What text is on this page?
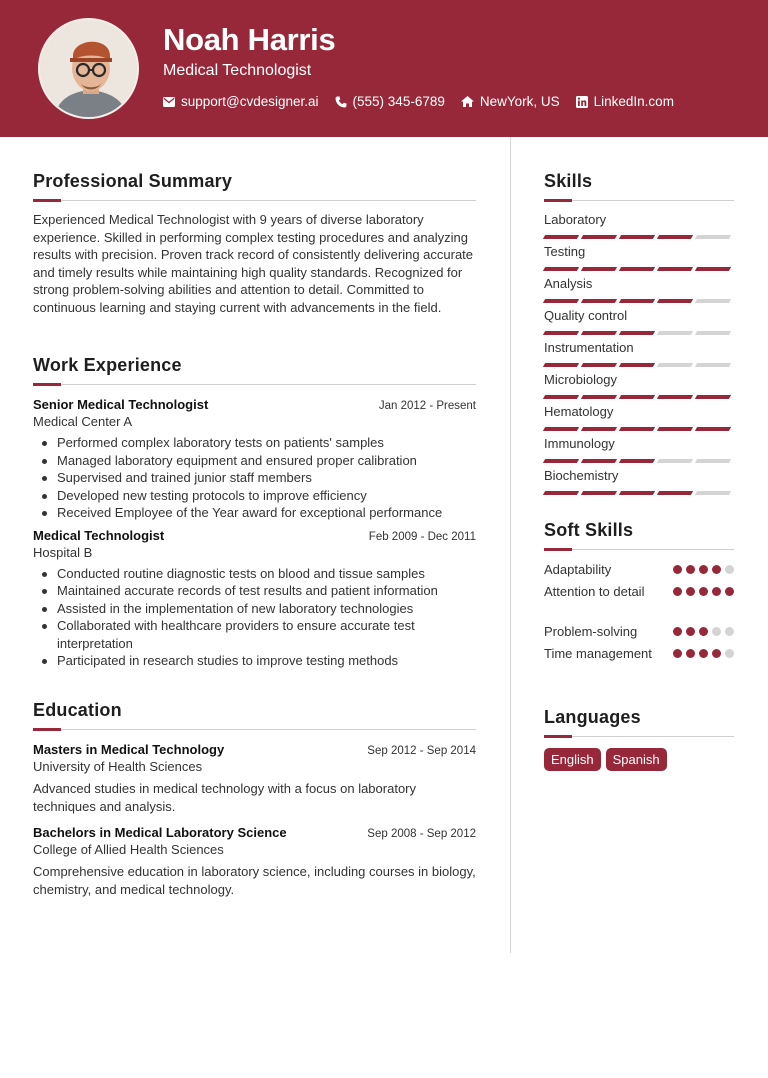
Noah Harris
Medical Technologist
support@cvdesigner.ai	(555) 345-6789	NewYork, US	LinkedIn.com
Professional Summary
Experienced Medical Technologist with 9 years of diverse laboratory experience. Skilled in performing complex testing procedures and analyzing results with precision. Proven track record of consistently delivering accurate and timely results while maintaining high quality standards. Recognized for strong problem-solving abilities and attention to detail. Committed to continuous learning and staying current with advancements in the field.
Work Experience
Senior Medical Technologist	Jan 2012 - Present
Medical Center A
Performed complex laboratory tests on patients' samples
Managed laboratory equipment and ensured proper calibration
Supervised and trained junior staff members
Developed new testing protocols to improve efficiency
Received Employee of the Year award for exceptional performance
Medical Technologist	Feb 2009 - Dec 2011
Hospital B
Conducted routine diagnostic tests on blood and tissue samples
Maintained accurate records of test results and patient information
Assisted in the implementation of new laboratory technologies
Collaborated with healthcare providers to ensure accurate test interpretation
Participated in research studies to improve testing methods
Education
Masters in Medical Technology	Sep 2012 - Sep 2014
University of Health Sciences
Advanced studies in medical technology with a focus on laboratory techniques and analysis.
Bachelors in Medical Laboratory Science	Sep 2008 - Sep 2012
College of Allied Health Sciences
Comprehensive education in laboratory science, including courses in biology, chemistry, and medical technology.
Skills
Laboratory
Testing
Analysis
Quality control
Instrumentation
Microbiology
Hematology
Immunology
Biochemistry
Soft Skills
Adaptability
Attention to detail
Problem-solving
Time management
Languages
English	Spanish
